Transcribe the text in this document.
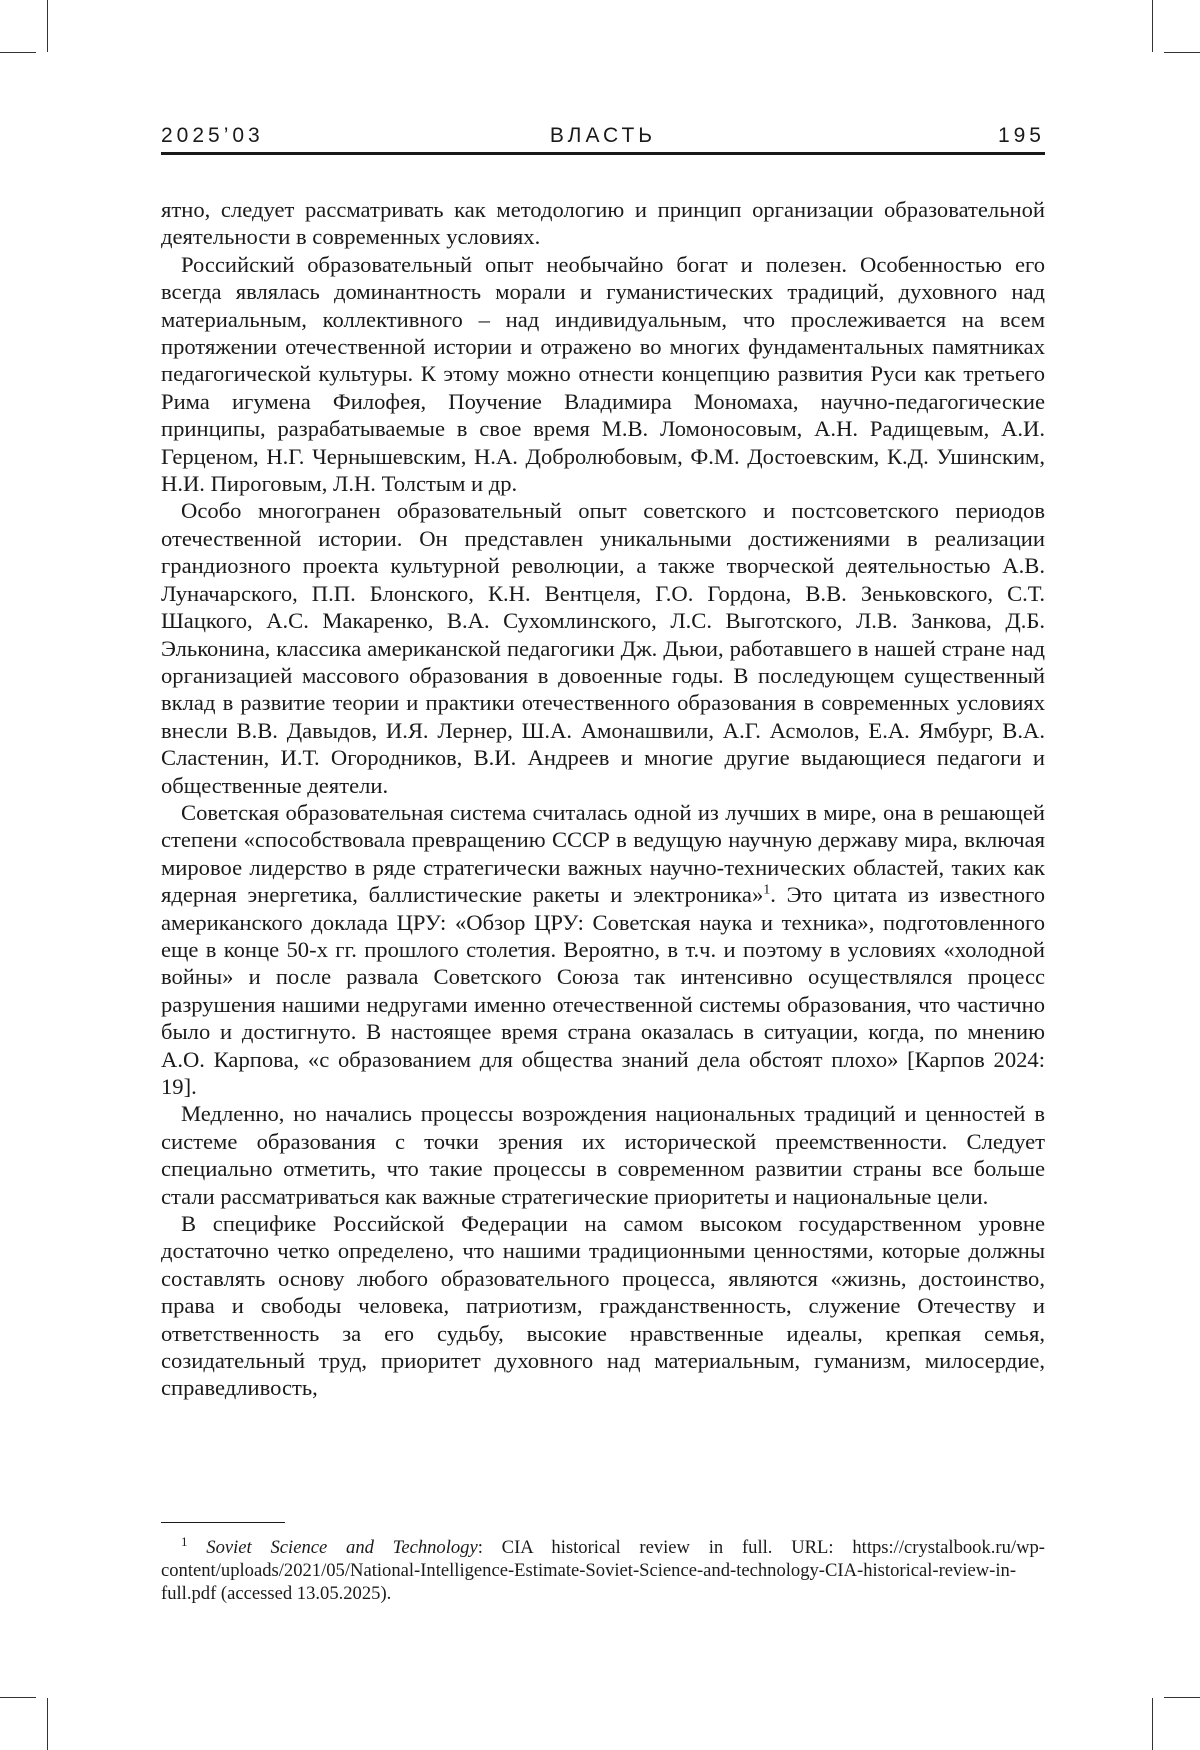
2025’03	ВЛАСТЬ	195

ятно, следует рассматривать как методологию и принцип организации образовательной деятельности в современных условиях.

Российский образовательный опыт необычайно богат и полезен. Особенностью его всегда являлась доминантность морали и гуманистических традиций, духовного над материальным, коллективного – над индивидуальным, что прослеживается на всем протяжении отечественной истории и отражено во многих фундаментальных памятниках педагогической культуры. К этому можно отнести концепцию развития Руси как третьего Рима игумена Филофея, Поучение Владимира Мономаха, научно-педагогические принципы, разрабатываемые в свое время М.В. Ломоносовым, А.Н. Радищевым, А.И. Герценом, Н.Г. Чернышевским, Н.А. Добролюбовым, Ф.М. Достоевским, К.Д. Ушинским, Н.И. Пироговым, Л.Н. Толстым и др.

Особо многогранен образовательный опыт советского и постсоветского периодов отечественной истории. Он представлен уникальными достижениями в реализации грандиозного проекта культурной революции, а также творческой деятельностью А.В. Луначарского, П.П. Блонского, К.Н. Вентцеля, Г.О. Гордона, В.В. Зеньковского, С.Т. Шацкого, А.С. Макаренко, В.А. Сухомлинского, Л.С. Выготского, Л.В. Занкова, Д.Б. Эльконина, классика американской педагогики Дж. Дьюи, работавшего в нашей стране над организацией массового образования в довоенные годы. В последующем существенный вклад в развитие теории и практики отечественного образования в современных условиях внесли В.В. Давыдов, И.Я. Лернер, Ш.А. Амонашвили, А.Г. Асмолов, Е.А. Ямбург, В.А. Сластенин, И.Т. Огородников, В.И. Андреев и многие другие выдающиеся педагоги и общественные деятели.

Советская образовательная система считалась одной из лучших в мире, она в решающей степени «способствовала превращению СССР в ведущую научную державу мира, включая мировое лидерство в ряде стратегически важных научно-технических областей, таких как ядерная энергетика, баллистические ракеты и электроника»1. Это цитата из известного американского доклада ЦРУ: «Обзор ЦРУ: Советская наука и техника», подготовленного еще в конце 50-х гг. прошлого столетия. Вероятно, в т.ч. и поэтому в условиях «холодной войны» и после развала Советского Союза так интенсивно осуществлялся процесс разрушения нашими недругами именно отечественной системы образования, что частично было и достигнуто. В настоящее время страна оказалась в ситуации, когда, по мнению А.О. Карпова, «с образованием для общества знаний дела обстоят плохо» [Карпов 2024: 19].

Медленно, но начались процессы возрождения национальных традиций и ценностей в системе образования с точки зрения их исторической преемственности. Следует специально отметить, что такие процессы в современном развитии страны все больше стали рассматриваться как важные стратегические приоритеты и национальные цели.

В специфике Российской Федерации на самом высоком государственном уровне достаточно четко определено, что нашими традиционными ценностями, которые должны составлять основу любого образовательного процесса, являются «жизнь, достоинство, права и свободы человека, патриотизм, гражданственность, служение Отечеству и ответственность за его судьбу, высокие нравственные идеалы, крепкая семья, созидательный труд, приоритет духовного над материальным, гуманизм, милосердие, справедливость,

1 Soviet Science and Technology: CIA historical review in full. URL: https://crystalbook.ru/wp-content/uploads/2021/05/National-Intelligence-Estimate-Soviet-Science-and-technology-CIA-historical-review-in-full.pdf (accessed 13.05.2025).
